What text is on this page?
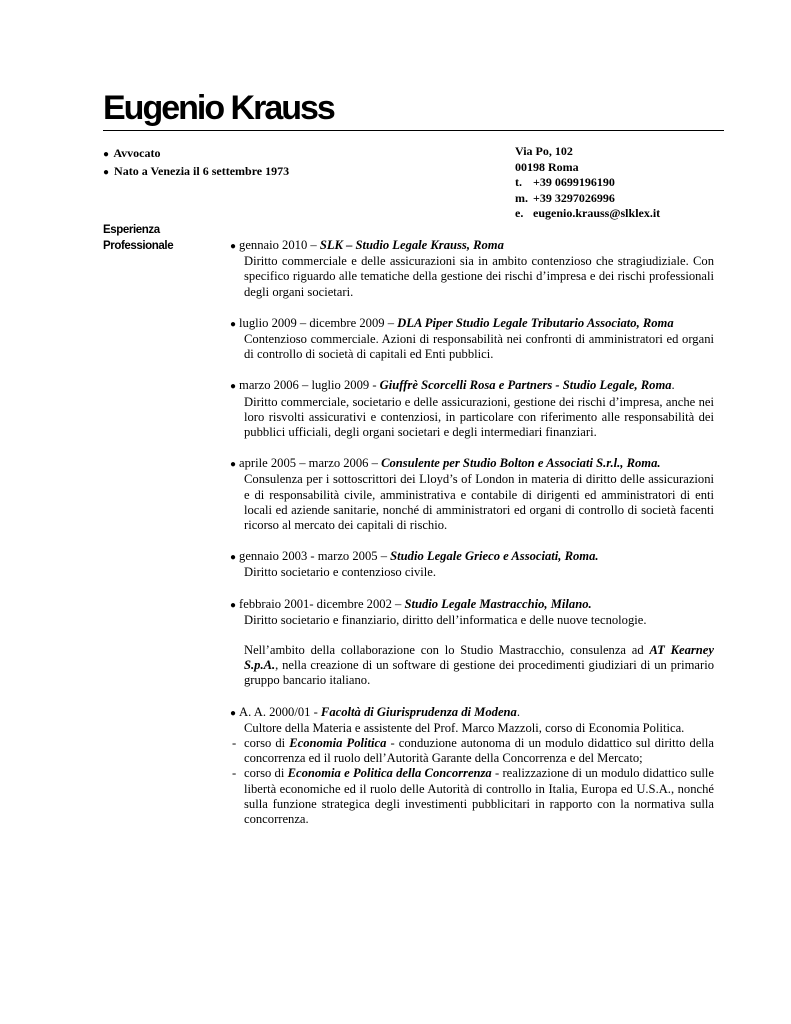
Eugenio Krauss
● Avvocato
● Nato a Venezia il 6 settembre 1973
Via Po, 102
00198 Roma
t. +39 0699196190
m. +39 3297026996
e. eugenio.krauss@slklex.it
Esperienza
Professionale	● gennaio 2010 – SLK – Studio Legale Krauss, Roma
Diritto commerciale e delle assicurazioni sia in ambito contenzioso che stragiudiziale. Con specifico riguardo alle tematiche della gestione dei rischi d’impresa e dei rischi professionali degli organi societari.
● luglio 2009 – dicembre 2009 – DLA Piper Studio Legale Tributario Associato, Roma
Contenzioso commerciale. Azioni di responsabilità nei confronti di amministratori ed organi di controllo di società di capitali ed Enti pubblici.
● marzo 2006 – luglio 2009 - Giuffrè Scorcelli Rosa e Partners - Studio Legale, Roma.
Diritto commerciale, societario e delle assicurazioni, gestione dei rischi d’impresa, anche nei loro risvolti assicurativi e contenziosi, in particolare con riferimento alle responsabilità dei pubblici ufficiali, degli organi societari e degli intermediari finanziari.
● aprile 2005 – marzo 2006 – Consulente per Studio Bolton e Associati S.r.l., Roma.
Consulenza per i sottoscrittori dei Lloyd’s of London in materia di diritto delle assicurazioni e di responsabilità civile, amministrativa e contabile di dirigenti ed amministratori di enti locali ed aziende sanitarie, nonché di amministratori ed organi di controllo di società facenti ricorso al mercato dei capitali di rischio.
● gennaio 2003 - marzo 2005 – Studio Legale Grieco e Associati, Roma.
Diritto societario e contenzioso civile.
● febbraio 2001- dicembre 2002 – Studio Legale Mastracchio, Milano.
Diritto societario e finanziario, diritto dell’informatica e delle nuove tecnologie.
Nell’ambito della collaborazione con lo Studio Mastracchio, consulenza ad AT Kearney S.p.A., nella creazione di un software di gestione dei procedimenti giudiziari di un primario gruppo bancario italiano.
● A. A. 2000/01 - Facoltà di Giurisprudenza di Modena.
Cultore della Materia e assistente del Prof. Marco Mazzoli, corso di Economia Politica.
- corso di Economia Politica - conduzione autonoma di un modulo didattico sul diritto della concorrenza ed il ruolo dell’Autorità Garante della Concorrenza e del Mercato;
- corso di Economia e Politica della Concorrenza - realizzazione di un modulo didattico sulle libertà economiche ed il ruolo delle Autorità di controllo in Italia, Europa ed U.S.A., nonché sulla funzione strategica degli investimenti pubblicitari in rapporto con la normativa sulla concorrenza.
